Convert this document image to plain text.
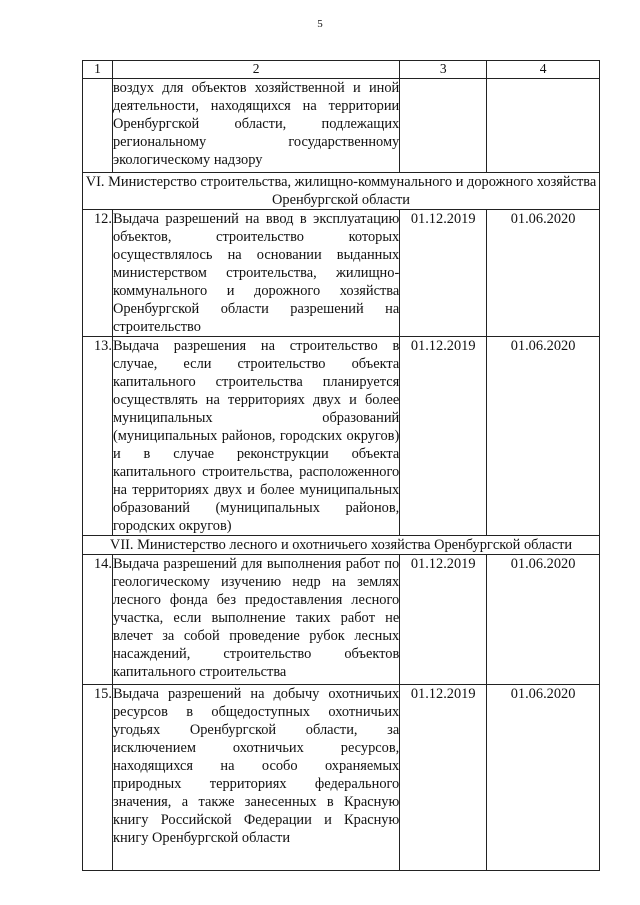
5
1	2	3	4
	воздух для объектов хозяйственной и иной деятельности, находящихся на территории Оренбургской области, подлежащих региональному государственному экологическому надзору		
VI. Министерство строительства, жилищно-коммунального и дорожного хозяйства Оренбургской области			
12.	Выдача разрешений на ввод в эксплуатацию объектов, строительство которых осуществлялось на основании выданных министерством строительства, жилищно-коммунального и дорожного хозяйства Оренбургской области разрешений на строительство	01.12.2019	01.06.2020
13.	Выдача разрешения на строительство в случае, если строительство объекта капитального строительства планируется осуществлять на территориях двух и более муниципальных образований (муниципальных районов, городских округов) и в случае реконструкции объекта капитального строительства, расположенного на территориях двух и более муниципальных образований (муниципальных районов, городских округов)	01.12.2019	01.06.2020
VII. Министерство лесного и охотничьего хозяйства Оренбургской области			
14.	Выдача разрешений для выполнения работ по геологическому изучению недр на землях лесного фонда без предоставления лесного участка, если выполнение таких рабoт не влечет за собой проведение рубок лесных насаждений, строительство объектов капитального строительства	01.12.2019	01.06.2020
15.	Выдача разрешений на добычу охотничьих ресурсов в общедоступных охотничьих угодьях Оренбургской области, за исключением охотничьих ресурсов, находящихся на особо охраняемых природных территориях федерального значения, а также занесенных в Красную книгу Российской Федерации и Красную книгу Оренбургской области	01.12.2019	01.06.2020
